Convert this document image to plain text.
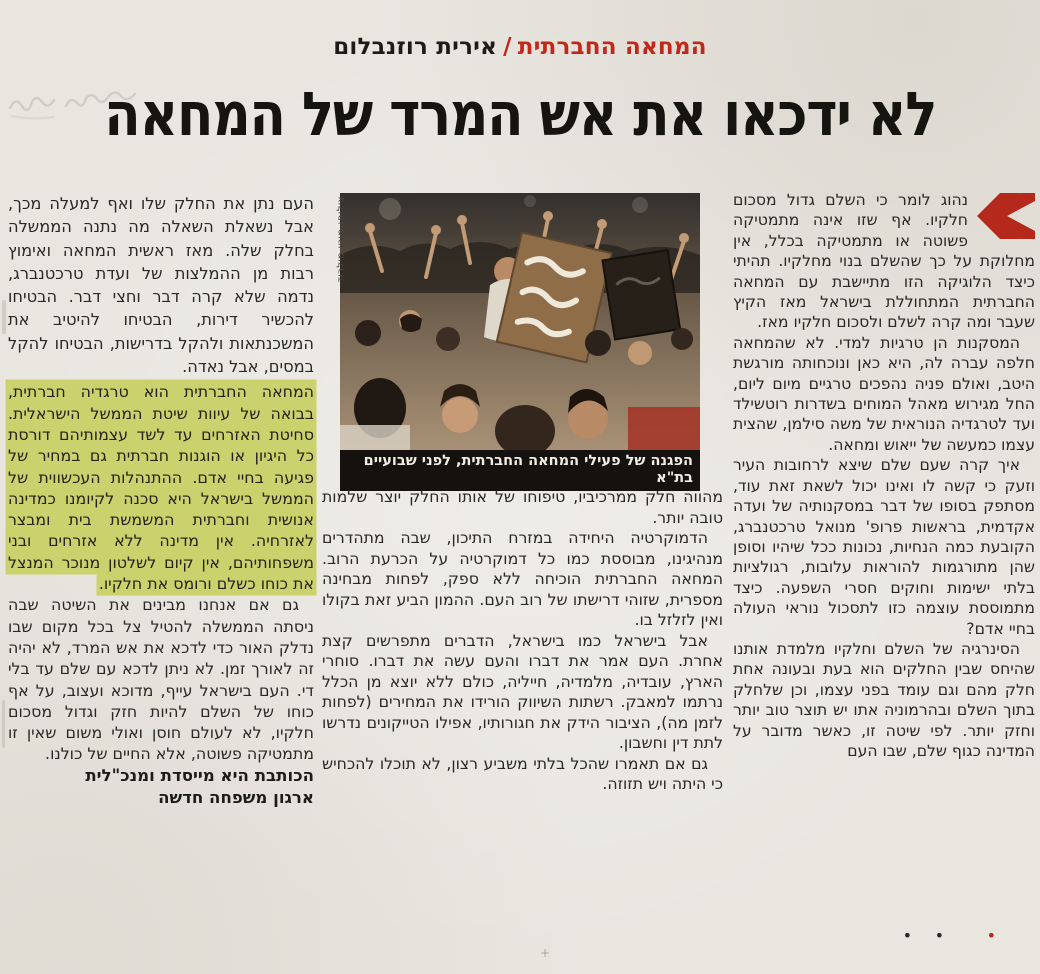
המחאה החברתית/אירית רוזנבלום
לא ידכאו את אש המרד של המחאה

נהוג לומר כי השלם גדול מסכום חלקיו. אף שזו אינה מתמטיקה פשוטה או מתמטיקה בכלל, אין מחלוקת על כך שהשלם בנוי מחלקיו. תהיתי כיצד הלוגיקה הזו מתיישבת עם המחאה החברתית המתחוללת בישראל מאז הקיץ שעבר ומה קרה לשלם ולסכום חלקיו מאז.

המסקנות הן טרגיות למדי. לא שהמחאה חלפה עברה לה, היא כאן ונוכחותה מורגשת היטב, ואולם פניה נהפכים טרגיים מיום ליום, החל מגירוש מאהל המוחים בשדרות רוטשילד ועד לטרגדיה הנוראית של משה סילמן, שהצית עצמו כמעשה של ייאוש ומחאה.

איך קרה שעם שלם שיצא לרחובות העיר וזעק כי קשה לו ואינו יכול לשאת זאת עוד, מסתפק בסופו של דבר במסקנותיה של ועדה אקדמית, בראשות פרופ' מנואל טרכטנברג, הקובעת כמה הנחיות, נכונות ככל שיהיו וסופן שהן מתורגמות להוראות עלובות, רגולציות בלתי ישימות וחוקים חסרי השפעה. כיצד מתמוססת עוצמה כזו לתסכול נוראי העולה בחיי אדם?

הסינרגיה של השלם וחלקיו מלמדת אותנו שהיחס שבין החלקים הוא בעת ובעונה אחת חלק מהם וגם עומד בפני עצמו, וכן שלחלק בתוך השלם ובהרמוניה אתו יש תוצר טוב יותר וחזק יותר. לפי שיטה זו, כאשר מדובר על המדינה כגוף שלם, שבו העם

הפגנה של פעילי המחאה החברתית, לפני שבועיים בת"א
צילום: מוטי מילרוד

מהווה חלק ממרכיביו, טיפוחו של אותו החלק יוצר שלמות טובה יותר.

הדמוקרטיה היחידה במזרח התיכון, שבה מתהדרים מנהיגינו, מבוססת כמו כל דמוקרטיה על הכרעת הרוב. המחאה החברתית הוכיחה ללא ספק, לפחות מבחינה מספרית, שזוהי דרישתו של רוב העם. ההמון הביע זאת בקולו ואין לזלזל בו.

אבל בישראל כמו בישראל, הדברים מתפרשים קצת אחרת. העם אמר את דברו והעם עשה את דברו. סוחרי הארץ, עובדיה, מלמדיה, חייליה, כולם ללא יוצא מן הכלל נרתמו למאבק. רשתות השיווק הורידו את המחירים (לפחות לזמן מה), הציבור הידק את חגורותיו, אפילו הטייקונים נדרשו לתת דין וחשבון.

גם אם תאמרו שהכל בלתי משביע רצון, לא תוכלו להכחיש כי היתה ויש תזוזה.

העם נתן את החלק שלו ואף למעלה מכך, אבל נשאלת השאלה מה נתנה הממשלה בחלק שלה. מאז ראשית המחאה ואימוץ רבות מן ההמלצות של ועדת טרכטנברג, נדמה שלא קרה דבר וחצי דבר. הבטיחו להכשיר דירות, הבטיחו להיטיב את המשכנתאות ולהקל בדרישות, הבטיחו להקל במסים, אבל נאדה.

המחאה החברתית הוא טרגדיה חברתית, בבואה של עיוות שיטת הממשל הישראלית. סחיטת האזרחים עד לשד עצמותיהם דורסת כל היגיון או הוגנות חברתית גם במחיר של פגיעה בחיי אדם. ההתנהלות העכשווית של הממשל בישראל היא סכנה לקיומנו כמדינה אנושית וחברתית המשמשת בית ומבצר לאזרחיה. אין מדינה ללא אזרחים ובני משפחותיהם, אין קיום לשלטון מנוכר המנצל את כוחו כשלם ורומס את חלקיו.

גם אם אנחנו מבינים את השיטה שבה ניסתה הממשלה להטיל צל בכל מקום שבו נדלק האור כדי לדכא את אש המרד, לא יהיה זה לאורך זמן. לא ניתן לדכא עם שלם עד בלי די. העם בישראל עייף, מדוכא ועצוב, על אף כוחו של השלם להיות חזק וגדול מסכום חלקיו, לא לעולם חוסן ואולי משום שאין זו מתמטיקה פשוטה, אלא החיים של כולנו.

הכותבת היא מייסדת ומנכ"לית

ארגון משפחה חדשה

• •	•
+
